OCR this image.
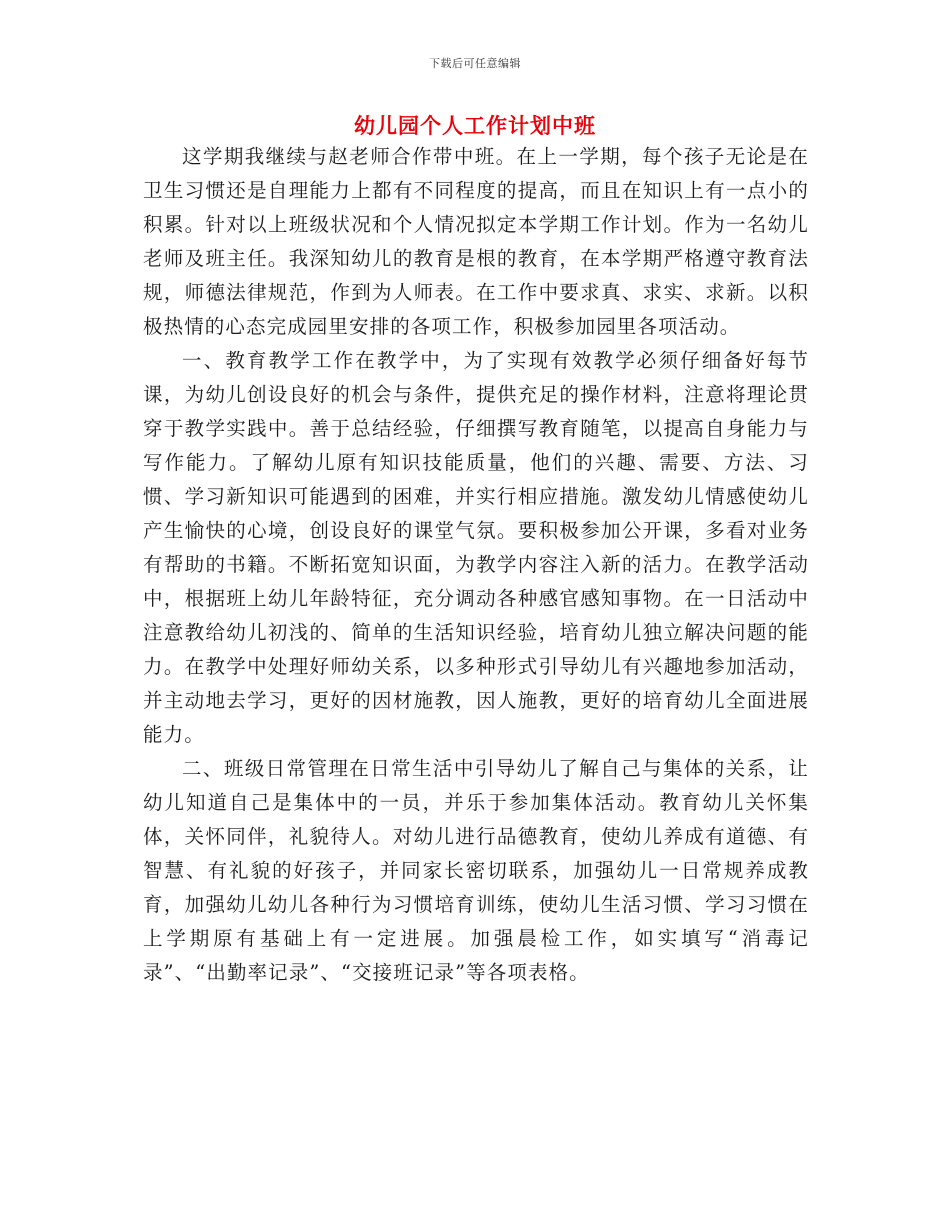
下载后可任意编辑
幼儿园个人工作计划中班

这学期我继续与赵老师合作带中班。在上一学期，每个孩子无论是在卫生习惯还是自理能力上都有不同程度的提高，而且在知识上有一点小的积累。针对以上班级状况和个人情况拟定本学期工作计划。作为一名幼儿老师及班主任。我深知幼儿的教育是根的教育，在本学期严格遵守教育法规，师德法律规范，作到为人师表。在工作中要求真、求实、求新。以积极热情的心态完成园里安排的各项工作，积极参加园里各项活动。

一、教育教学工作在教学中，为了实现有效教学必须仔细备好每节课，为幼儿创设良好的机会与条件，提供充足的操作材料，注意将理论贯穿于教学实践中。善于总结经验，仔细撰写教育随笔，以提高自身能力与写作能力。了解幼儿原有知识技能质量，他们的兴趣、需要、方法、习惯、学习新知识可能遇到的困难，并实行相应措施。激发幼儿情感使幼儿产生愉快的心境，创设良好的课堂气氛。要积极参加公开课，多看对业务有帮助的书籍。不断拓宽知识面，为教学内容注入新的活力。在教学活动中，根据班上幼儿年龄特征，充分调动各种感官感知事物。在一日活动中注意教给幼儿初浅的、简单的生活知识经验，培育幼儿独立解决问题的能力。在教学中处理好师幼关系，以多种形式引导幼儿有兴趣地参加活动，并主动地去学习，更好的因材施教，因人施教，更好的培育幼儿全面进展能力。

二、班级日常管理在日常生活中引导幼儿了解自己与集体的关系，让幼儿知道自己是集体中的一员，并乐于参加集体活动。教育幼儿关怀集体，关怀同伴，礼貌待人。对幼儿进行品德教育，使幼儿养成有道德、有智慧、有礼貌的好孩子，并同家长密切联系，加强幼儿一日常规养成教育，加强幼儿幼儿各种行为习惯培育训练，使幼儿生活习惯、学习习惯在上学期原有基础上有一定进展。加强晨检工作，如实填写“消毒记录”、“出勤率记录”、“交接班记录”等各项表格。
